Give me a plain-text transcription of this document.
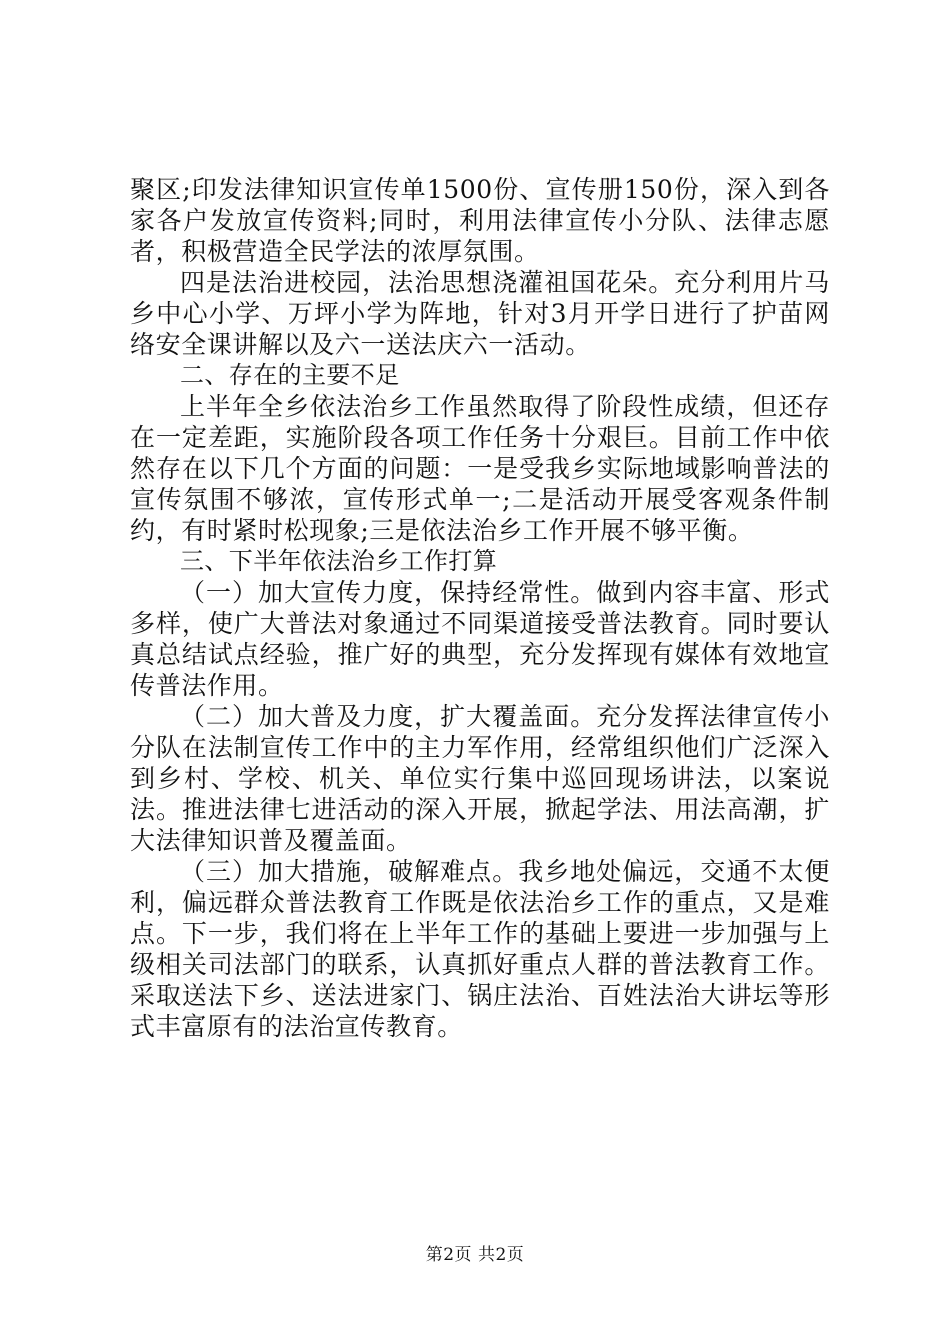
聚区;印发法律知识宣传单1500份、宣传册150份，深入到各家各户发放宣传资料;同时，利用法律宣传小分队、法律志愿者，积极营造全民学法的浓厚氛围。

四是法治进校园，法治思想浇灌祖国花朵。充分利用片马乡中心小学、万坪小学为阵地，针对3月开学日进行了护苗网络安全课讲解以及六一送法庆六一活动。

二、存在的主要不足

上半年全乡依法治乡工作虽然取得了阶段性成绩，但还存在一定差距，实施阶段各项工作任务十分艰巨。目前工作中依然存在以下几个方面的问题：一是受我乡实际地域影响普法的宣传氛围不够浓，宣传形式单一;二是活动开展受客观条件制约，有时紧时松现象;三是依法治乡工作开展不够平衡。

三、下半年依法治乡工作打算

（一）加大宣传力度，保持经常性。做到内容丰富、形式多样，使广大普法对象通过不同渠道接受普法教育。同时要认真总结试点经验，推广好的典型，充分发挥现有媒体有效地宣传普法作用。

（二）加大普及力度，扩大覆盖面。充分发挥法律宣传小分队在法制宣传工作中的主力军作用，经常组织他们广泛深入到乡村、学校、机关、单位实行集中巡回现场讲法，以案说法。推进法律七进活动的深入开展，掀起学法、用法高潮，扩大法律知识普及覆盖面。

（三）加大措施，破解难点。我乡地处偏远，交通不太便利，偏远群众普法教育工作既是依法治乡工作的重点，又是难点。下一步，我们将在上半年工作的基础上要进一步加强与上级相关司法部门的联系，认真抓好重点人群的普法教育工作。采取送法下乡、送法进家门、锅庄法治、百姓法治大讲坛等形式丰富原有的法治宣传教育。

第2页 共2页
